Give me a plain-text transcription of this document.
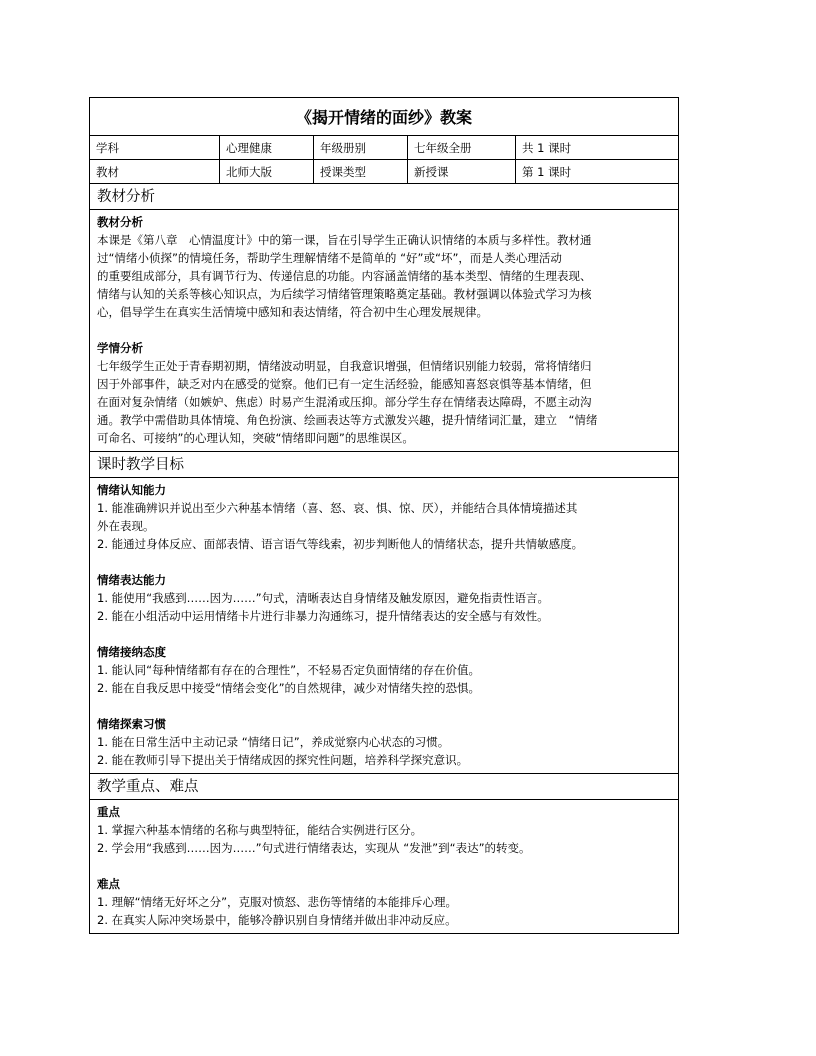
《揭开情绪的面纱》教案
学科	心理健康	年级册别	七年级全册	共 1 课时
教材	北师大版	授课类型	新授课	第 1 课时
教材分析
教材分析

本课是《第八章　心情温度计》中的第一课，旨在引导学生正确认识情绪的本质与多样性。教材通

过“情绪小侦探”的情境任务，帮助学生理解情绪不是简单的 “好”或“坏”，而是人类心理活动

的重要组成部分，具有调节行为、传递信息的功能。内容涵盖情绪的基本类型、情绪的生理表现、

情绪与认知的关系等核心知识点，为后续学习情绪管理策略奠定基础。教材强调以体验式学习为核

心，倡导学生在真实生活情境中感知和表达情绪，符合初中生心理发展规律。

学情分析

七年级学生正处于青春期初期，情绪波动明显，自我意识增强，但情绪识别能力较弱，常将情绪归

因于外部事件，缺乏对内在感受的觉察。他们已有一定生活经验，能感知喜怒哀惧等基本情绪，但

在面对复杂情绪（如嫉妒、焦虑）时易产生混淆或压抑。部分学生存在情绪表达障碍，不愿主动沟

通。教学中需借助具体情境、角色扮演、绘画表达等方式激发兴趣，提升情绪词汇量，建立　“情绪

可命名、可接纳”的心理认知，突破“情绪即问题”的思维误区。

课时教学目标
情绪认知能力
1. 能准确辨识并说出至少六种基本情绪（喜、怒、哀、惧、惊、厌），并能结合具体情境描述其
外在表现。
2. 能通过身体反应、面部表情、语言语气等线索，初步判断他人的情绪状态，提升共情敏感度。
情绪表达能力
1. 能使用“我感到……因为……”句式，清晰表达自身情绪及触发原因，避免指责性语言。
2. 能在小组活动中运用情绪卡片进行非暴力沟通练习，提升情绪表达的安全感与有效性。
情绪接纳态度
1. 能认同“每种情绪都有存在的合理性”，不轻易否定负面情绪的存在价值。
2. 能在自我反思中接受“情绪会变化”的自然规律，减少对情绪失控的恐惧。
情绪探索习惯
1. 能在日常生活中主动记录 “情绪日记”，养成觉察内心状态的习惯。
2. 能在教师引导下提出关于情绪成因的探究性问题，培养科学探究意识。
教学重点、难点
重点
1. 掌握六种基本情绪的名称与典型特征，能结合实例进行区分。
2. 学会用“我感到……因为……”句式进行情绪表达，实现从 “发泄”到“表达”的转变。
难点
1. 理解“情绪无好坏之分”，克服对愤怒、悲伤等情绪的本能排斥心理。
2. 在真实人际冲突场景中，能够冷静识别自身情绪并做出非冲动反应。
